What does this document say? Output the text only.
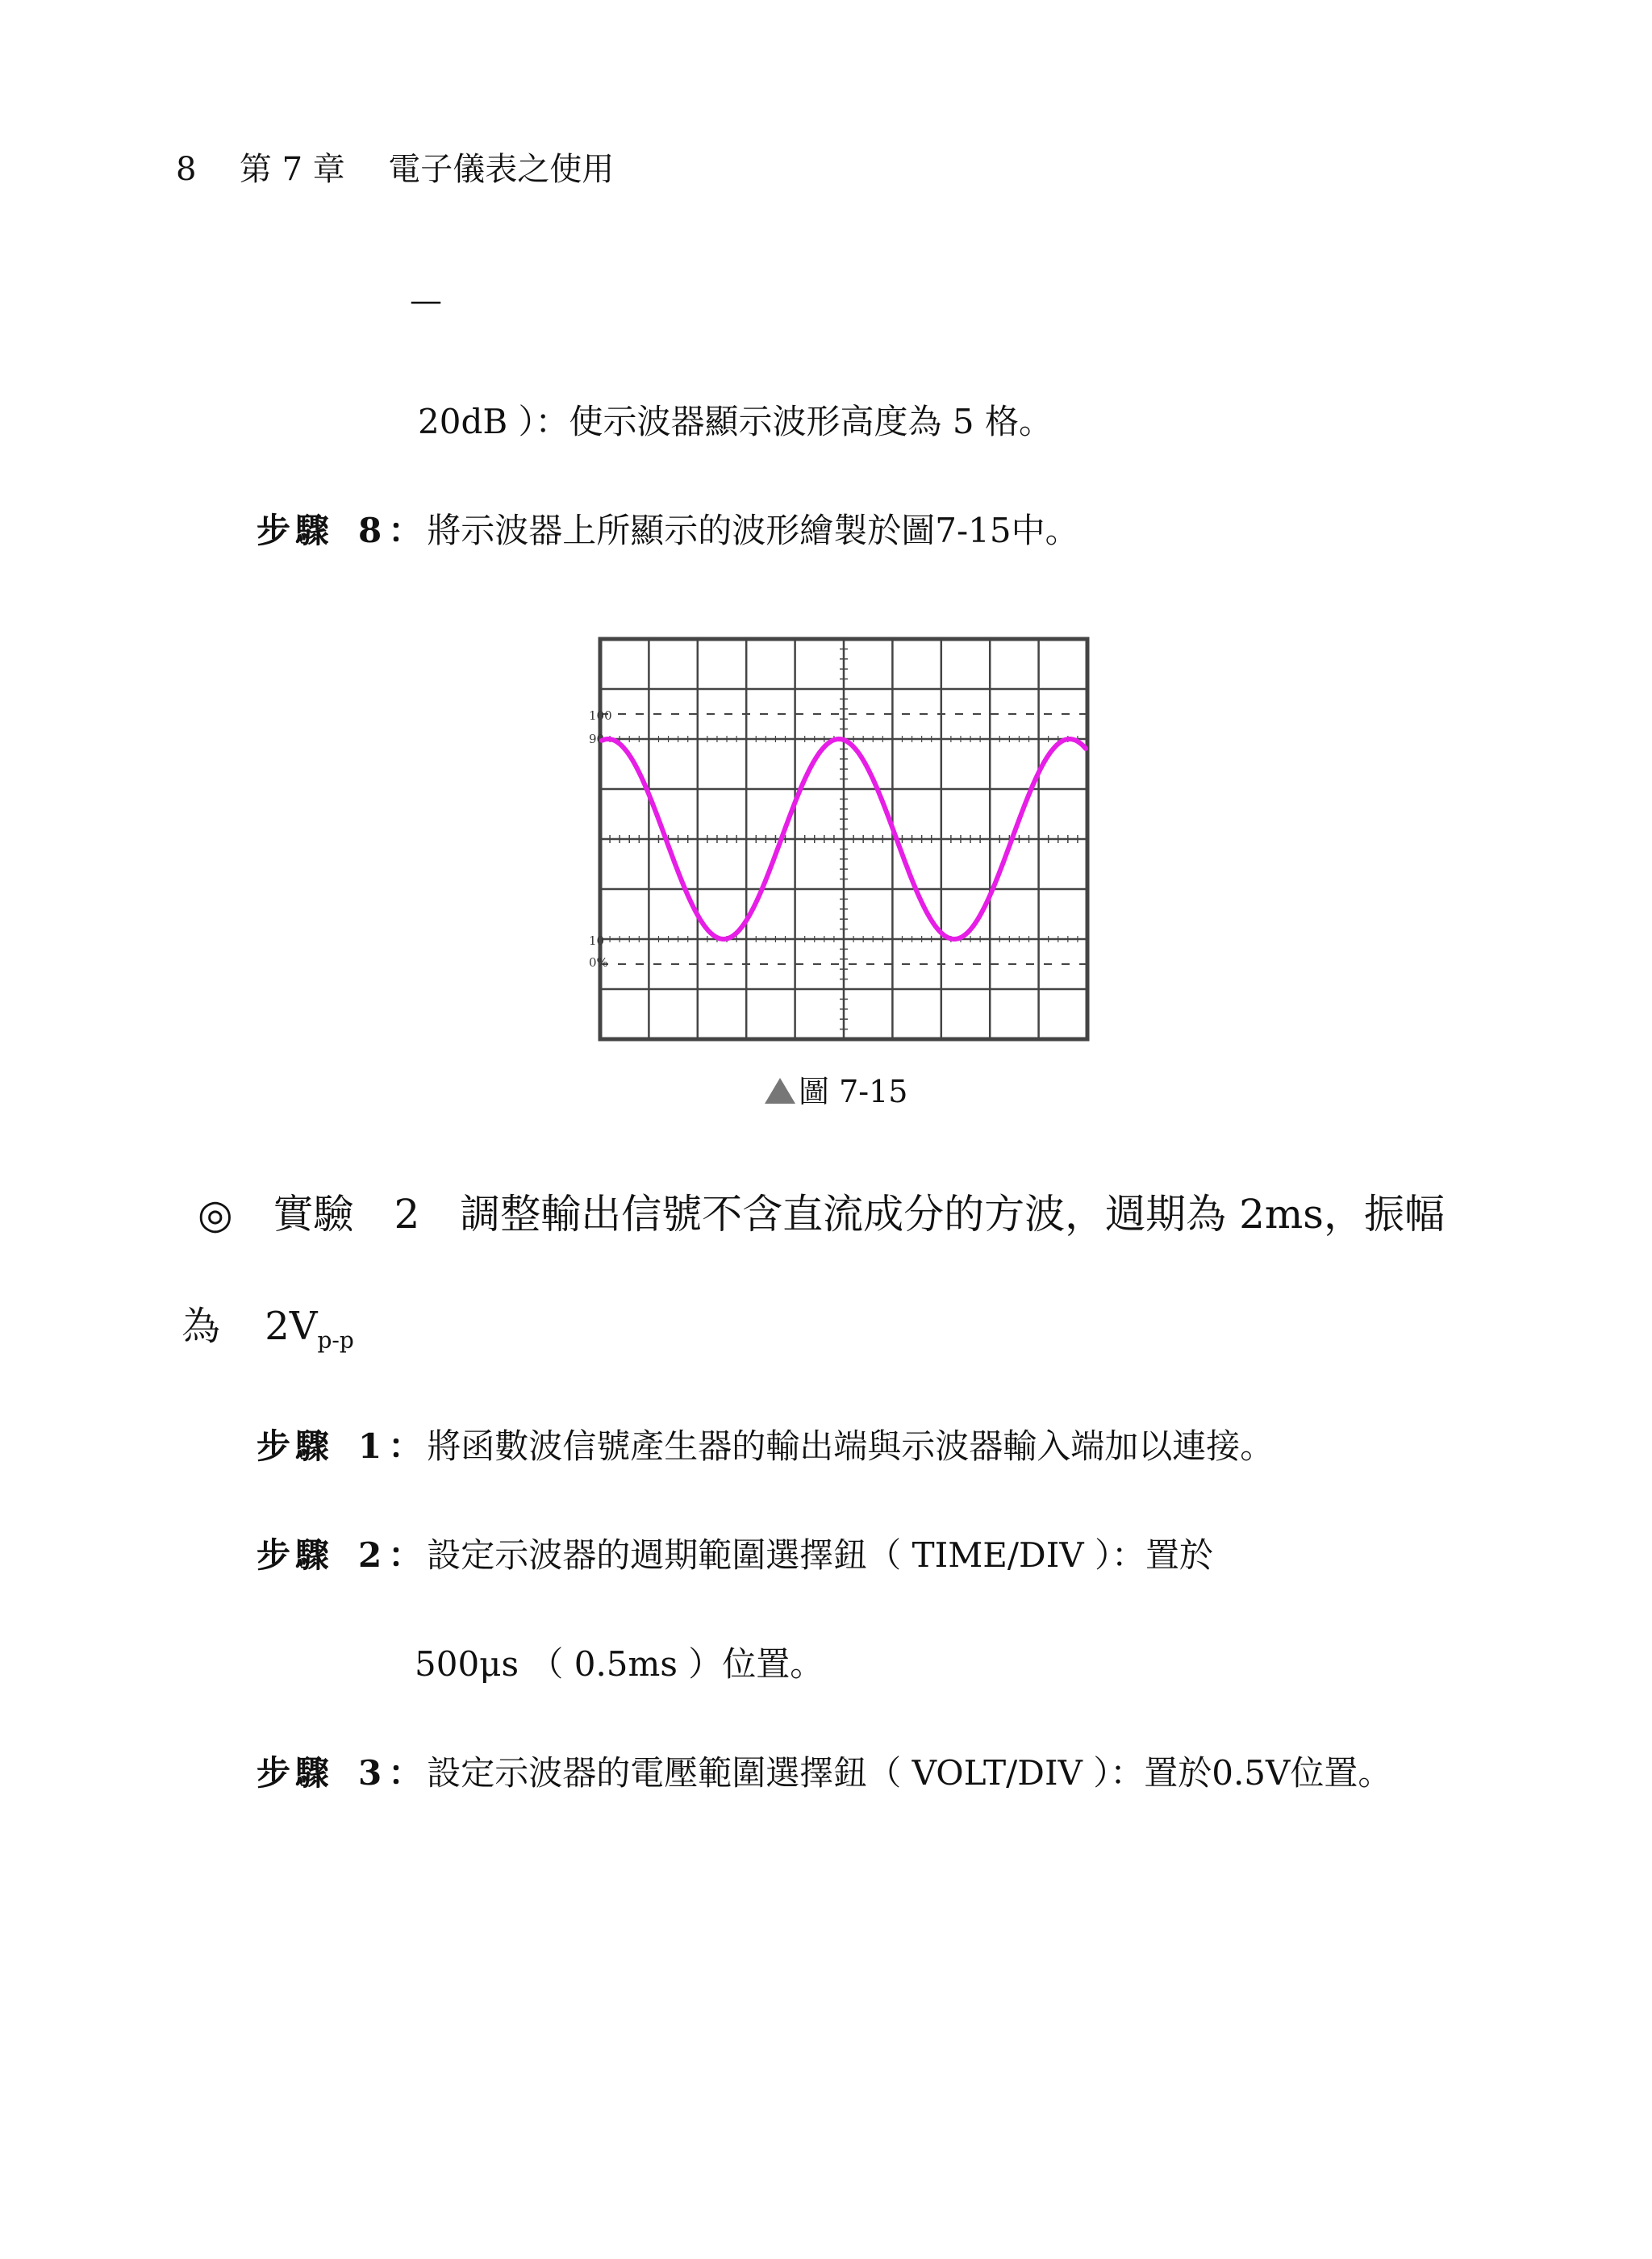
8 第 7 章 電子儀表之使用
—
20dB ）：使示波器顯示波形高度為 5 格。
步驟 8 ： 將示波器上所顯示的波形繪製於圖7-15中。
100
90
10
0%
圖 7-15
◎ 實驗 2 調整輸出信號不含直流成分的方波，週期為 2ms，振幅
為 $2V_{p-p}$
步驟 1 ： 將函數波信號產生器的輸出端與示波器輸入端加以連接。
步驟 2 ： 設定示波器的週期範圍選擇鈕（ TIME/DIV ）：置於
500μs （ 0.5ms ）位置。
步驟 3 ： 設定示波器的電壓範圍選擇鈕（ VOLT/DIV ）：置於0.5V位置。
